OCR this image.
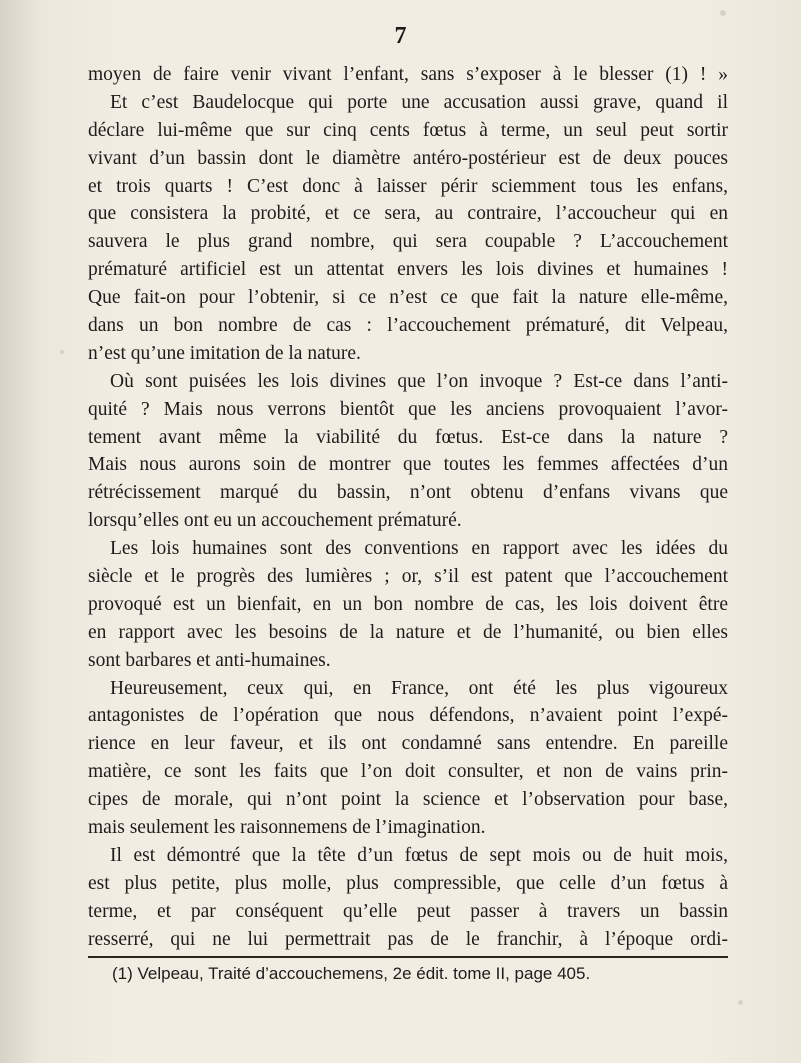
7
moyen de faire venir vivant l’enfant, sans s’exposer à le blesser (1) ! »
Et c’est Baudelocque qui porte une accusation aussi grave, quand il
déclare lui-même que sur cinq cents fœtus à terme, un seul peut sortir
vivant d’un bassin dont le diamètre antéro-postérieur est de deux pouces
et trois quarts ! C’est donc à laisser périr sciemment tous les enfans,
que consistera la probité, et ce sera, au contraire, l’accoucheur qui en
sauvera le plus grand nombre, qui sera coupable ? L’accouchement
prématuré artificiel est un attentat envers les lois divines et humaines !
Que fait-on pour l’obtenir, si ce n’est ce que fait la nature elle-même,
dans un bon nombre de cas : l’accouchement prématuré, dit Velpeau,
n’est qu’une imitation de la nature.
Où sont puisées les lois divines que l’on invoque ? Est-ce dans l’anti-
quité ? Mais nous verrons bientôt que les anciens provoquaient l’avor-
tement avant même la viabilité du fœtus. Est-ce dans la nature ?
Mais nous aurons soin de montrer que toutes les femmes affectées d’un
rétrécissement marqué du bassin, n’ont obtenu d’enfans vivans que
lorsqu’elles ont eu un accouchement prématuré.
Les lois humaines sont des conventions en rapport avec les idées du
siècle et le progrès des lumières ; or, s’il est patent que l’accouchement
provoqué est un bienfait, en un bon nombre de cas, les lois doivent être
en rapport avec les besoins de la nature et de l’humanité, ou bien elles
sont barbares et anti-humaines.
Heureusement, ceux qui, en France, ont été les plus vigoureux
antagonistes de l’opération que nous défendons, n’avaient point l’expé-
rience en leur faveur, et ils ont condamné sans entendre. En pareille
matière, ce sont les faits que l’on doit consulter, et non de vains prin-
cipes de morale, qui n’ont point la science et l’observation pour base,
mais seulement les raisonnemens de l’imagination.
Il est démontré que la tête d’un fœtus de sept mois ou de huit mois,
est plus petite, plus molle, plus compressible, que celle d’un fœtus à
terme, et par conséquent qu’elle peut passer à travers un bassin
resserré, qui ne lui permettrait pas de le franchir, à l’époque ordi-
(1) Velpeau, Traité d’accouchemens, 2e édit. tome II, page 405.
